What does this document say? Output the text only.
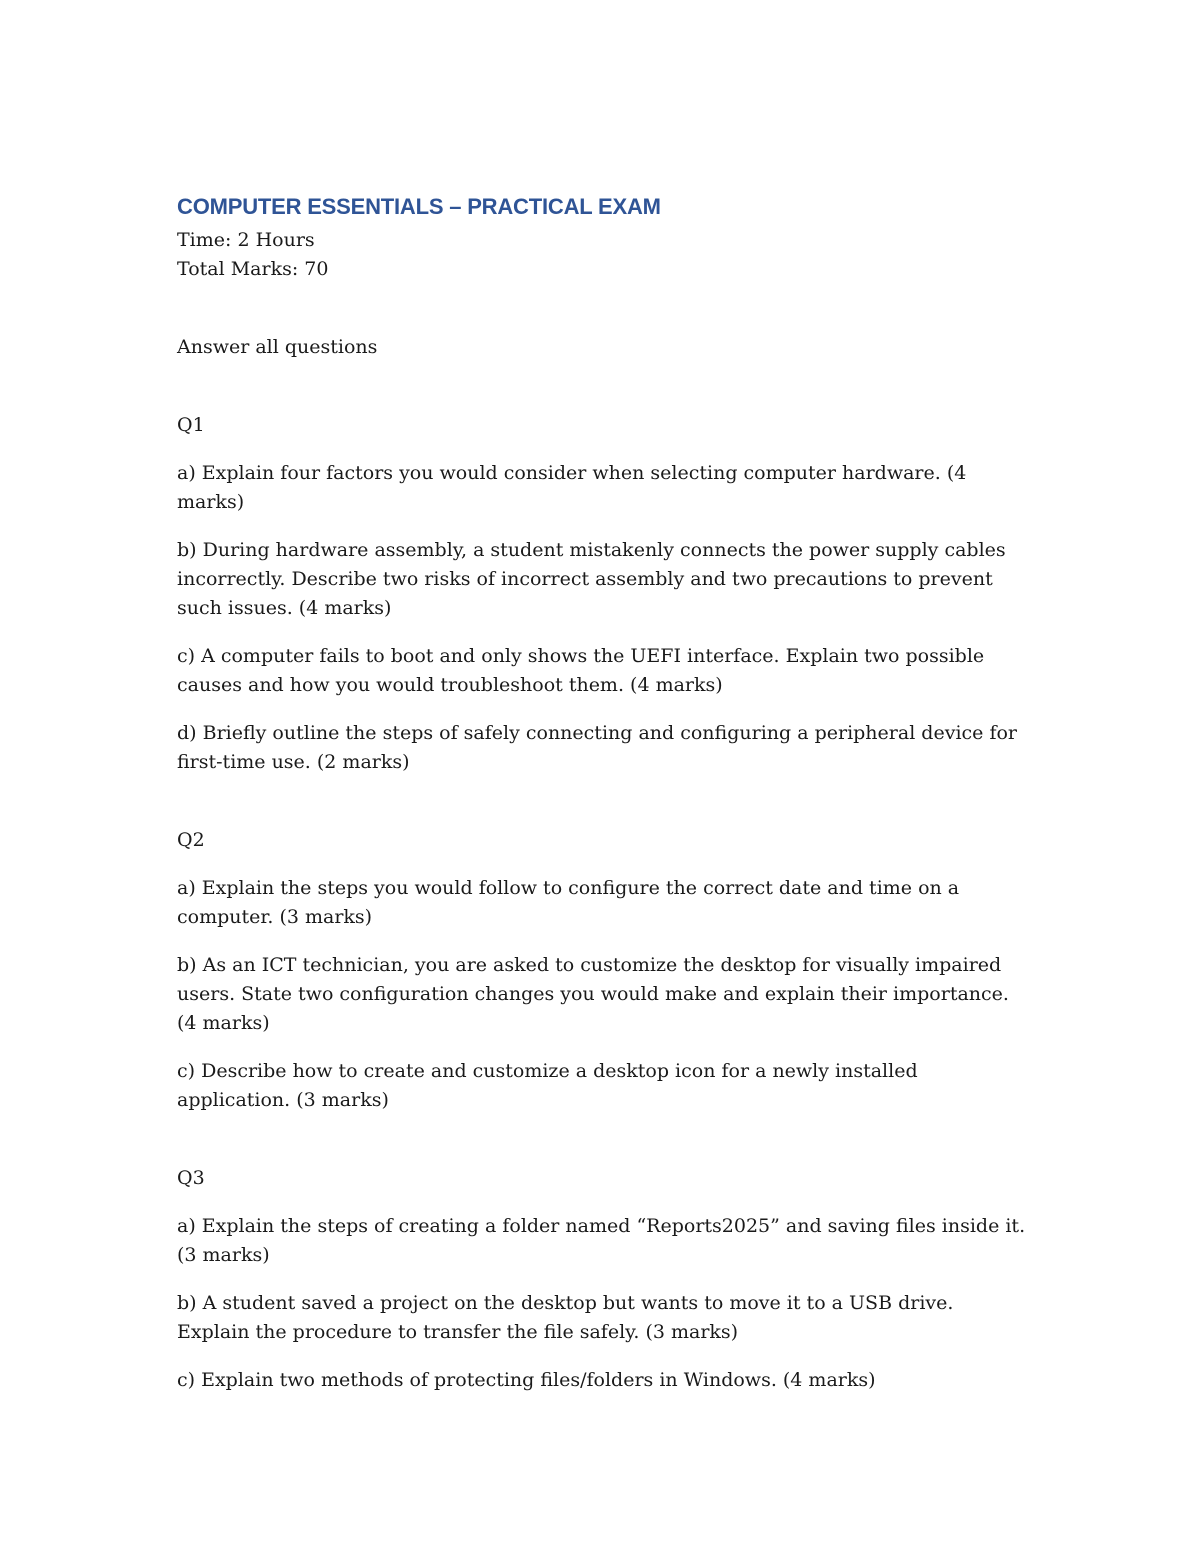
COMPUTER ESSENTIALS – PRACTICAL EXAM

Time: 2 Hours

Total Marks: 70

Answer all questions

Q1

a) Explain four factors you would consider when selecting computer hardware. (4 marks)

b) During hardware assembly, a student mistakenly connects the power supply cables incorrectly. Describe two risks of incorrect assembly and two precautions to prevent such issues. (4 marks)

c) A computer fails to boot and only shows the UEFI interface. Explain two possible causes and how you would troubleshoot them. (4 marks)

d) Briefly outline the steps of safely connecting and configuring a peripheral device for first-time use. (2 marks)

Q2

a) Explain the steps you would follow to configure the correct date and time on a computer. (3 marks)

b) As an ICT technician, you are asked to customize the desktop for visually impaired users. State two configuration changes you would make and explain their importance. (4 marks)

c) Describe how to create and customize a desktop icon for a newly installed application. (3 marks)

Q3

a) Explain the steps of creating a folder named “Reports2025” and saving files inside it. (3 marks)

b) A student saved a project on the desktop but wants to move it to a USB drive. Explain the procedure to transfer the file safely. (3 marks)

c) Explain two methods of protecting files/folders in Windows. (4 marks)
